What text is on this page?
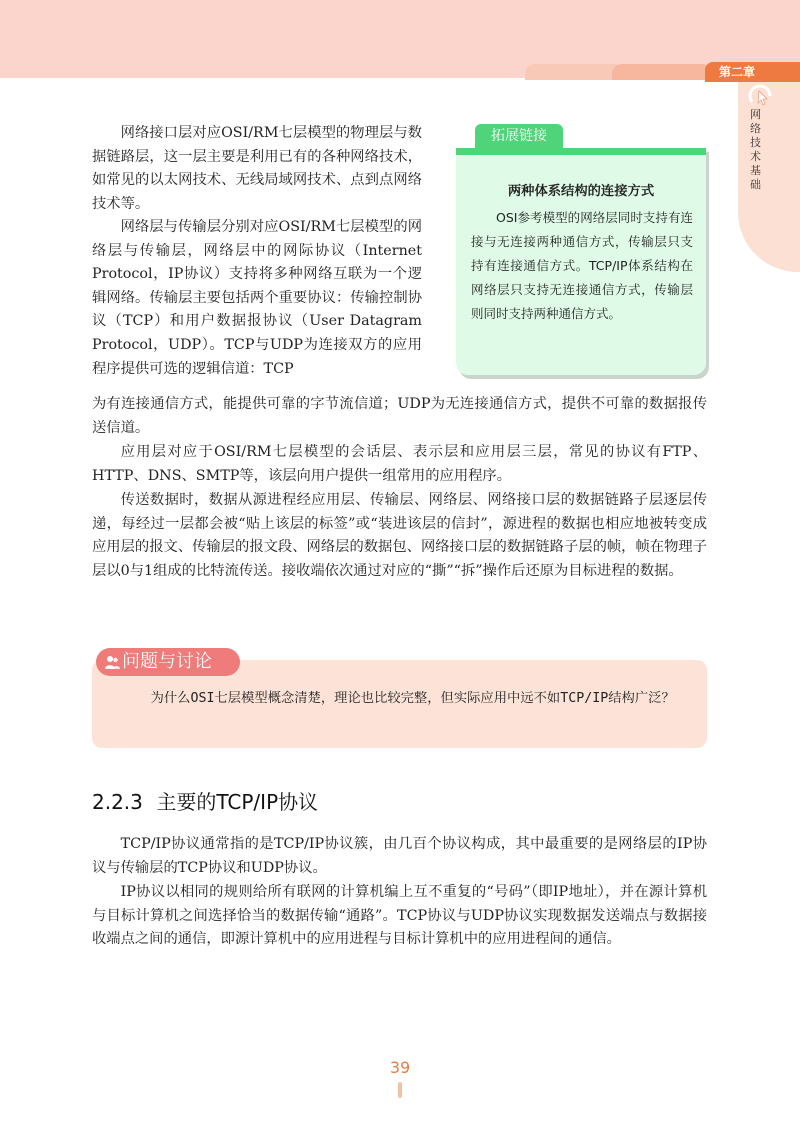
第二章
网络技术基础

网络接口层对应OSI/RM七层模型的物理层与数据链路层，这一层主要是利用已有的各种网络技术，如常见的以太网技术、无线局域网技术、点到点网络技术等。

网络层与传输层分别对应OSI/RM七层模型的网络层与传输层，网络层中的网际协议（Internet Protocol，IP协议）支持将多种网络互联为一个逻辑网络。传输层主要包括两个重要协议：传输控制协议（TCP）和用户数据报协议（User Datagram Protocol，UDP）。TCP与UDP为连接双方的应用程序提供可选的逻辑信道：TCP

为有连接通信方式，能提供可靠的字节流信道；UDP为无连接通信方式，提供不可靠的数据报传送信道。

应用层对应于OSI/RM七层模型的会话层、表示层和应用层三层，常见的协议有FTP、HTTP、DNS、SMTP等，该层向用户提供一组常用的应用程序。

传送数据时，数据从源进程经应用层、传输层、网络层、网络接口层的数据链路子层逐层传递，每经过一层都会被“贴上该层的标签”或“装进该层的信封”，源进程的数据也相应地被转变成应用层的报文、传输层的报文段、网络层的数据包、网络接口层的数据链路子层的帧，帧在物理子层以0与1组成的比特流传送。接收端依次通过对应的“撕”“拆”操作后还原为目标进程的数据。

拓展链接
两种体系结构的连接方式

OSI参考模型的网络层同时支持有连接与无连接两种通信方式，传输层只支持有连接通信方式。TCP/IP体系结构在网络层只支持无连接通信方式，传输层则同时支持两种通信方式。

问题与讨论

为什么OSI七层模型概念清楚，理论也比较完整，但实际应用中远不如TCP/IP结构广泛？

2.2.3 主要的TCP/IP协议

TCP/IP协议通常指的是TCP/IP协议簇，由几百个协议构成，其中最重要的是网络层的IP协议与传输层的TCP协议和UDP协议。

IP协议以相同的规则给所有联网的计算机编上互不重复的“号码”（即IP地址），并在源计算机与目标计算机之间选择恰当的数据传输“通路”。TCP协议与UDP协议实现数据发送端点与数据接收端点之间的通信，即源计算机中的应用进程与目标计算机中的应用进程间的通信。

39
